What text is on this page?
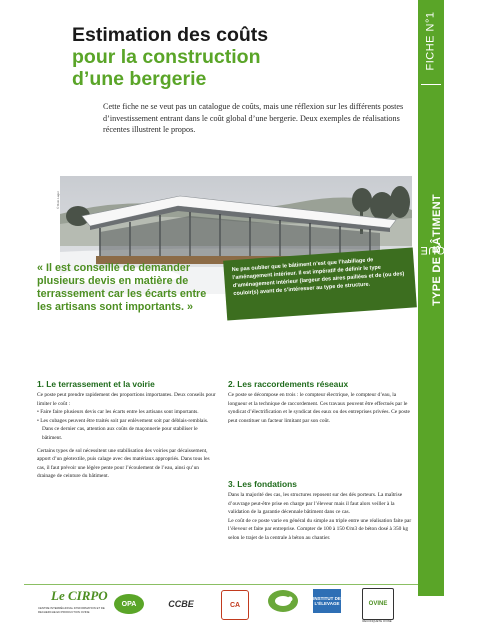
FICHE N°1
RUBRIQUE
TYPE DE BÂTIMENT
Estimation des coûts
pour la construction
d’une bergerie
Cette fiche ne se veut pas un catalogue de coûts, mais une réflexion sur les différents postes d’investissement entrant dans le coût global d’une bergerie. Deux exemples de réalisations récentes illustrent le propos.
© Rolo Lager
« Il est conseillé de demander plusieurs devis en matière de terrassement car les écarts entre les artisans sont importants. »

Ne pas oublier que le bâtiment n’est que l’habillage de l’aménagement intérieur. Il est impératif de définir le type d’aménagement intérieur (largeur des aires paillées et de (ou des) couloir(s) avant de s’intéresser au type de structure.

1. Le terrassement et la voirie

Ce poste peut prendre rapidement des proportions importantes. Deux conseils pour limiter le coût :

• Faire faire plusieurs devis car les écarts entre les artisans sont importants.

• Les cubages peuvent être traités soit par enlèvement soit par déblais-remblais. Dans ce dernier cas, attention aux coûts de maçonnerie pour stabiliser le bâtiment.

Certains types de sol nécessitent une stabilisation des voiries par décaissement, apport d’un géotextile, puis calage avec des matériaux appropriés. Dans tous les cas, il faut prévoir une légère pente pour l’écoulement de l’eau, ainsi qu’un drainage de ceinture du bâtiment.

2. Les raccordements réseaux

Ce poste se décompose en trois : le compteur électrique, le compteur d’eau, la longueur et la technique de raccordement. Ces travaux peuvent être effectués par le syndicat d’électrification et le syndicat des eaux ou des entreprises privées. Ce poste peut constituer un facteur limitant par son coût.

3. Les fondations

Dans la majorité des cas, les structures reposent sur des dés porteurs. La maîtrise d’ouvrage peut-être prise en charge par l’éleveur mais il faut alors veiller à la validation de la garantie décennale bâtiment dans ce cas.

Le coût de ce poste varie en général du simple au triple entre une réalisation faite par l’éleveur et faite par entreprise. Compter de 100 à 150 €/m3 de béton dosé à 350 kg selon le trajet de la centrale à béton au chantier.

Le CIRPO
CENTRE INTERRÉGIONAL D’INFORMATION ET DE RECHERCHE EN PRODUCTION OVINE
OPA	CCBE	CA
INSTITUT DE L’ÉLEVAGE	OVINE
RECONQUÊTE OVINE
